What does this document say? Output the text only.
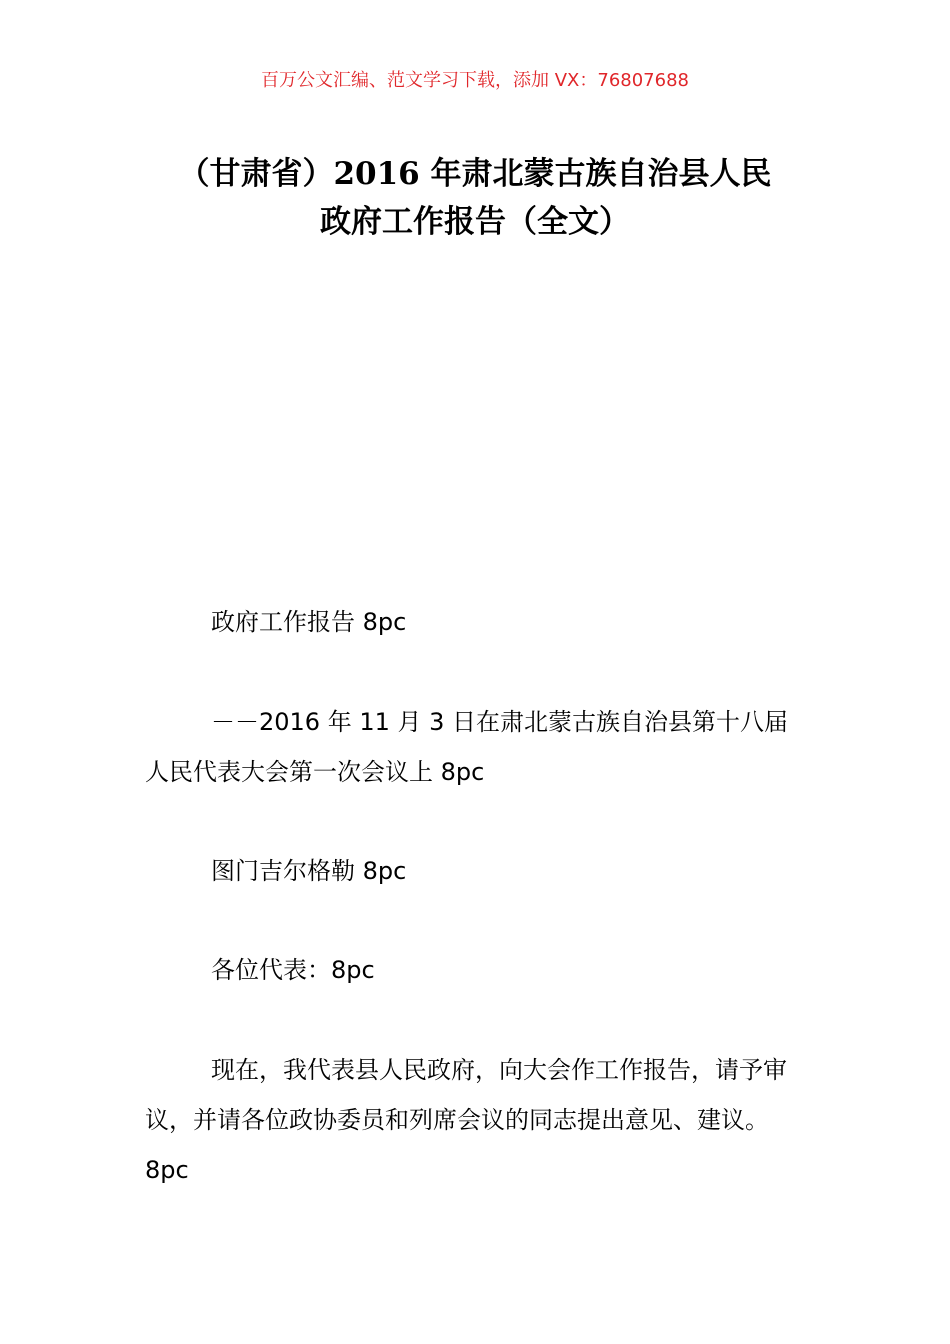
百万公文汇编、范文学习下载，添加 VX：76807688
（甘肃省）2016 年肃北蒙古族自治县人民
政府工作报告（全文）

政府工作报告 8pc

－－2016 年 11 月 3 日在肃北蒙古族自治县第十八届人民代表大会第一次会议上 8pc

图门吉尔格勒 8pc

各位代表：8pc

现在，我代表县人民政府，向大会作工作报告，请予审议，并请各位政协委员和列席会议的同志提出意见、建议。8pc
